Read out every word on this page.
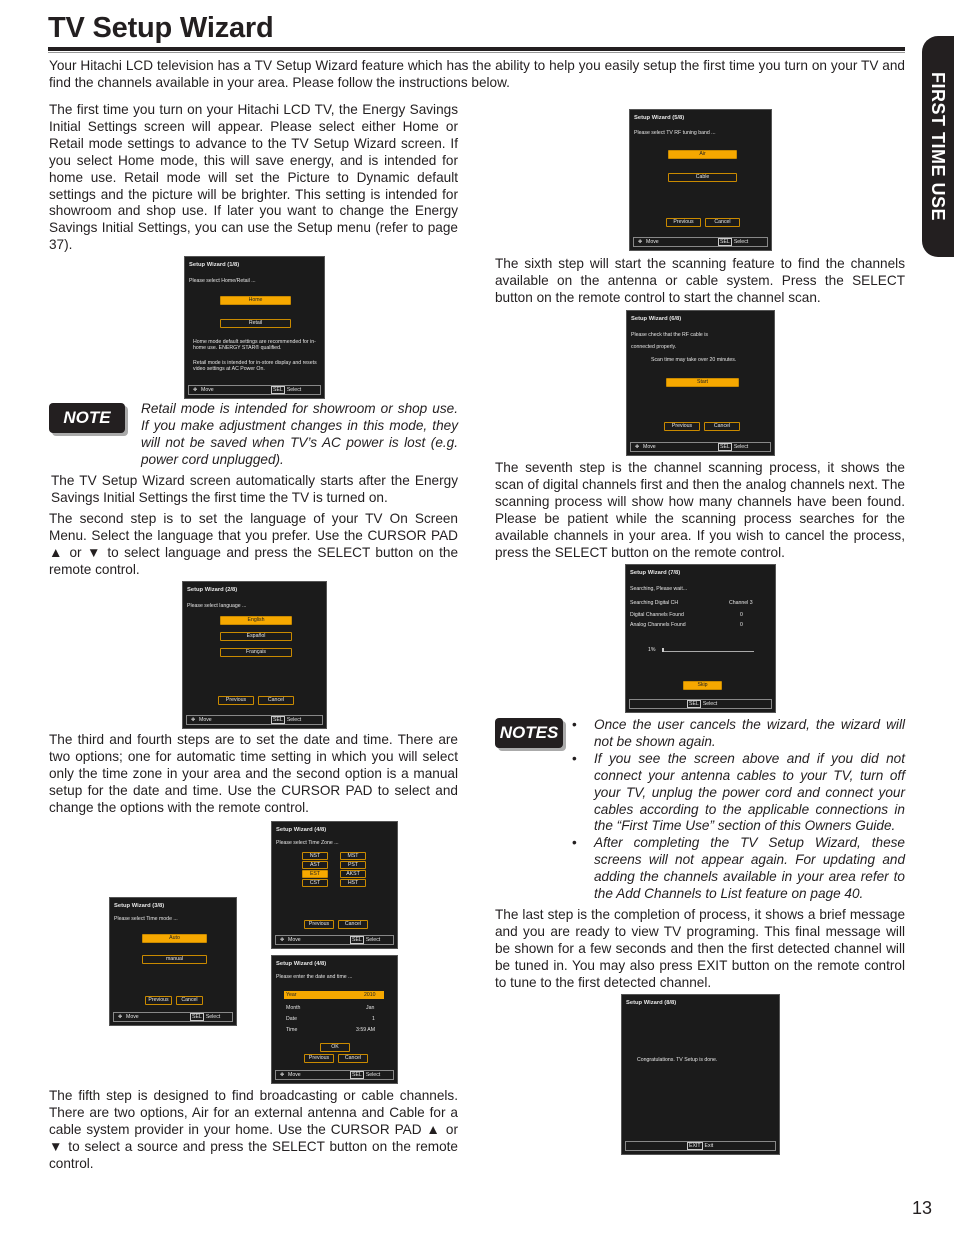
TV Setup Wizard
FIRST TIME USE
Your Hitachi LCD television has a TV Setup Wizard feature which has the ability to help you easily setup the first time you turn on your TV and find the channels available in your area. Please follow the instructions below.
The first time you turn on your Hitachi LCD TV, the Energy Savings Initial Settings screen will appear. Please select either Home or Retail mode settings to advance to the TV Setup Wizard screen. If you select Home mode, this will save energy, and is intended for home use. Retail mode will set the Picture to Dynamic default settings and the picture will be brighter. This setting is intended for showroom and shop use. If later you want to change the Energy Savings Initial Settings, you can use the Setup menu (refer to page 37).
Setup Wizard (1/8)
Please select Home/Retail ...
Home
Retail
Home mode default settings are recommended for in-home use. ENERGY STAR® qualified.
Retail mode is intended for in-store display and resets video settings at AC Power On.
Move
✥	SEL Select
NOTE	Retail mode is intended for showroom or shop use. If you make adjustment changes in this mode, they will not be saved when TV’s AC power is lost (e.g. power cord unplugged).
The TV Setup Wizard screen automatically starts after the Energy Savings Initial Settings the first time the TV is turned on.
The second step is to set the language of your TV On Screen Menu. Select the language that you prefer. Use the CURSOR PAD ▲ or ▼ to select language and press the SELECT button on the remote control.
Setup Wizard (2/8)
Please select language ...
English
Español
Français
Previous	Cancel
Move
✥	SEL Select
The third and fourth steps are to set the date and time. There are two options; one for automatic time setting in which you will select only the time zone in your area and the second option is a manual setup for the date and time. Use the CURSOR PAD to select and change the options with the remote control.
Setup Wizard (3/8)
Please select Time mode ...
Auto
manual
Previous	Cancel
Move
✥	SEL Select
Setup Wizard (4/8)
Please select Time Zone ...
NST	MST
AST	PST
EST	AKST
CST	HST
Previous	Cancel
Move
✥	SEL Select
Setup Wizard (4/8)
Please enter the date and time ...
Year	2010
Month	Jan
Date	1
Time	3:59 AM
OK
Previous	Cancel
Move
✥	SEL Select
The fifth step is designed to find broadcasting or cable channels. There are two options, Air for an external antenna and Cable for a cable system provider in your home. Use the CURSOR PAD ▲ or ▼ to select a source and press the SELECT button on the remote control.
Setup Wizard (5/8)
Please select TV RF tuning band ...
Air
Cable
Previous	Cancel
Move
✥	SEL Select
The sixth step will start the scanning feature to find the channels available on the antenna or cable system. Press the SELECT button on the remote control to start the channel scan.
Setup Wizard (6/8)
Please check that the RF cable is
connected properly.
Scan time may take over 20 minutes.
Start
Previous	Cancel
Move
✥	SEL Select
The seventh step is the channel scanning process, it shows the scan of digital channels first and then the analog channels next. The scanning process will show how many channels have been found. Please be patient while the scanning process searches for the available channels in your area. If you wish to cancel the process, press the SELECT button on the remote control.
Setup Wizard (7/8)
Searching, Please wait...
Searching Digital CH	Channel 3
Digital Channels Found	0
Analog Channels Found	0
1%
Skip
SEL Select
NOTES	• Once the user cancels the wizard, the wizard will not be shown again.
• If you see the screen above and if you did not connect your antenna cables to your TV, turn off your TV, unplug the power cord and connect your cables according to the applicable connections in the “First Time Use” section of this Owners Guide.
• After completing the TV Setup Wizard, these screens will not appear again. For updating and adding the channels available in your area refer to the Add Channels to List feature on page 40.
The last step is the completion of process, it shows a brief message and you are ready to view TV programing. This final message will be shown for a few seconds and then the first detected channel will be tuned in. You may also press EXIT button on the remote control to tune to the first detected channel.
Setup Wizard (8/8)
Congratulations. TV Setup is done.
EXIT Exit
13
